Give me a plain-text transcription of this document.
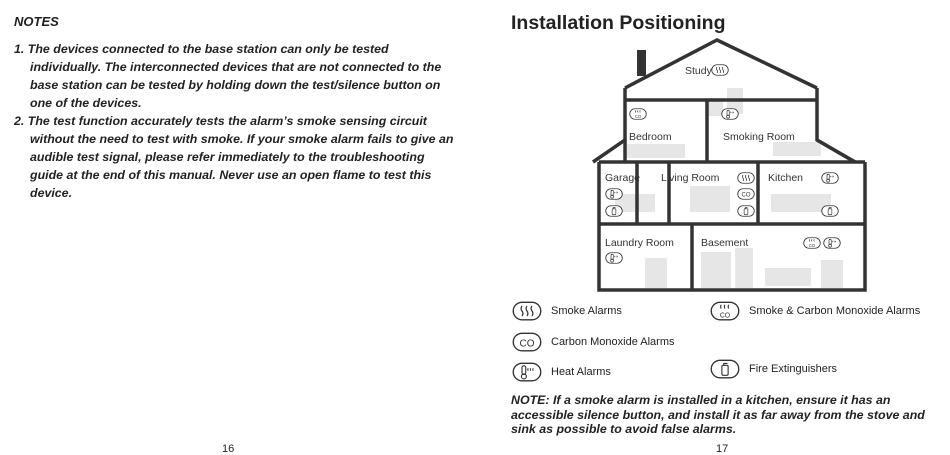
NOTES
1. The devices connected to the base station can only be tested individually. The interconnected devices that are not connected to the base station can be tested by holding down the test/silence button on one of the devices.
2. The test function accurately tests the alarm’s smoke sensing circuit without the need to test with smoke. If your smoke alarm fails to give an audible test signal, please refer immediately to the troubleshooting guide at the end of this manual. Never use an open flame to test this device.
16
Installation Positioning
Study
Bedroom	Smoking Room
Garage Living Room	Kitchen
Laundry Room	Basement
Smoke Alarms	Smoke & Carbon Monoxide Alarms
Carbon Monoxide Alarms
Heat Alarms	Fire Extinguishers
NOTE: If a smoke alarm is installed in a kitchen, ensure it has an accessible silence button, and install it as far away from the stove and sink as possible to avoid false alarms.
17
